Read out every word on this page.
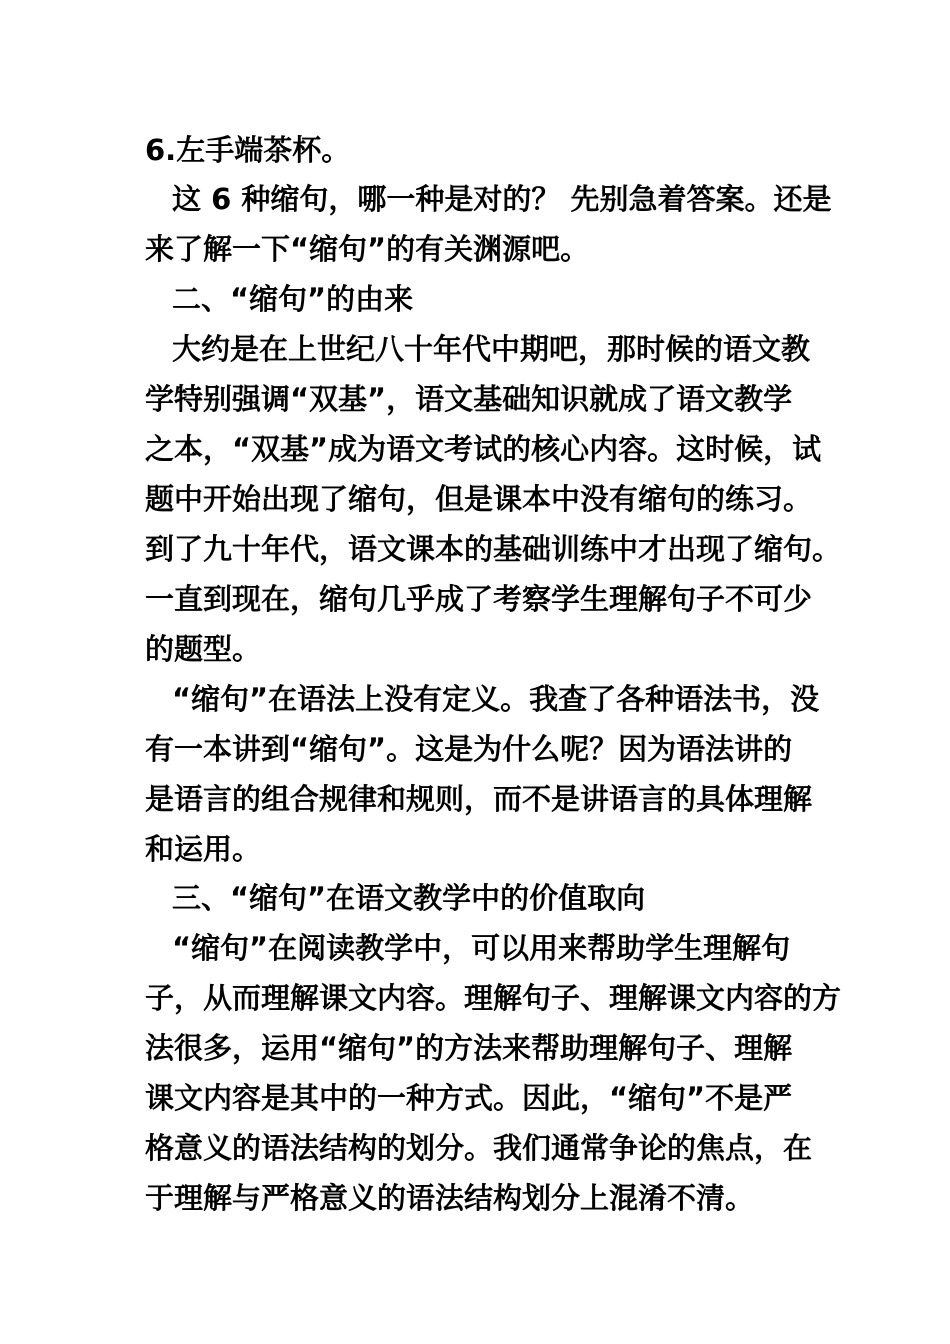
6.左手端茶杯。
这 6 种缩句，哪一种是对的？ 先别急着答案。还是
来了解一下“缩句”的有关渊源吧。
二、“缩句”的由来
大约是在上世纪八十年代中期吧，那时候的语文教
学特别强调“双基”，语文基础知识就成了语文教学
之本，“双基”成为语文考试的核心内容。这时候，试
题中开始出现了缩句，但是课本中没有缩句的练习。
到了九十年代，语文课本的基础训练中才出现了缩句。
一直到现在，缩句几乎成了考察学生理解句子不可少
的题型。
“缩句”在语法上没有定义。我查了各种语法书，没
有一本讲到“缩句”。这是为什么呢？因为语法讲的
是语言的组合规律和规则，而不是讲语言的具体理解
和运用。
三、“缩句”在语文教学中的价值取向
“缩句”在阅读教学中，可以用来帮助学生理解句
子，从而理解课文内容。理解句子、理解课文内容的方
法很多，运用“缩句”的方法来帮助理解句子、理解
课文内容是其中的一种方式。因此，“缩句”不是严
格意义的语法结构的划分。我们通常争论的焦点，在
于理解与严格意义的语法结构划分上混淆不清。
